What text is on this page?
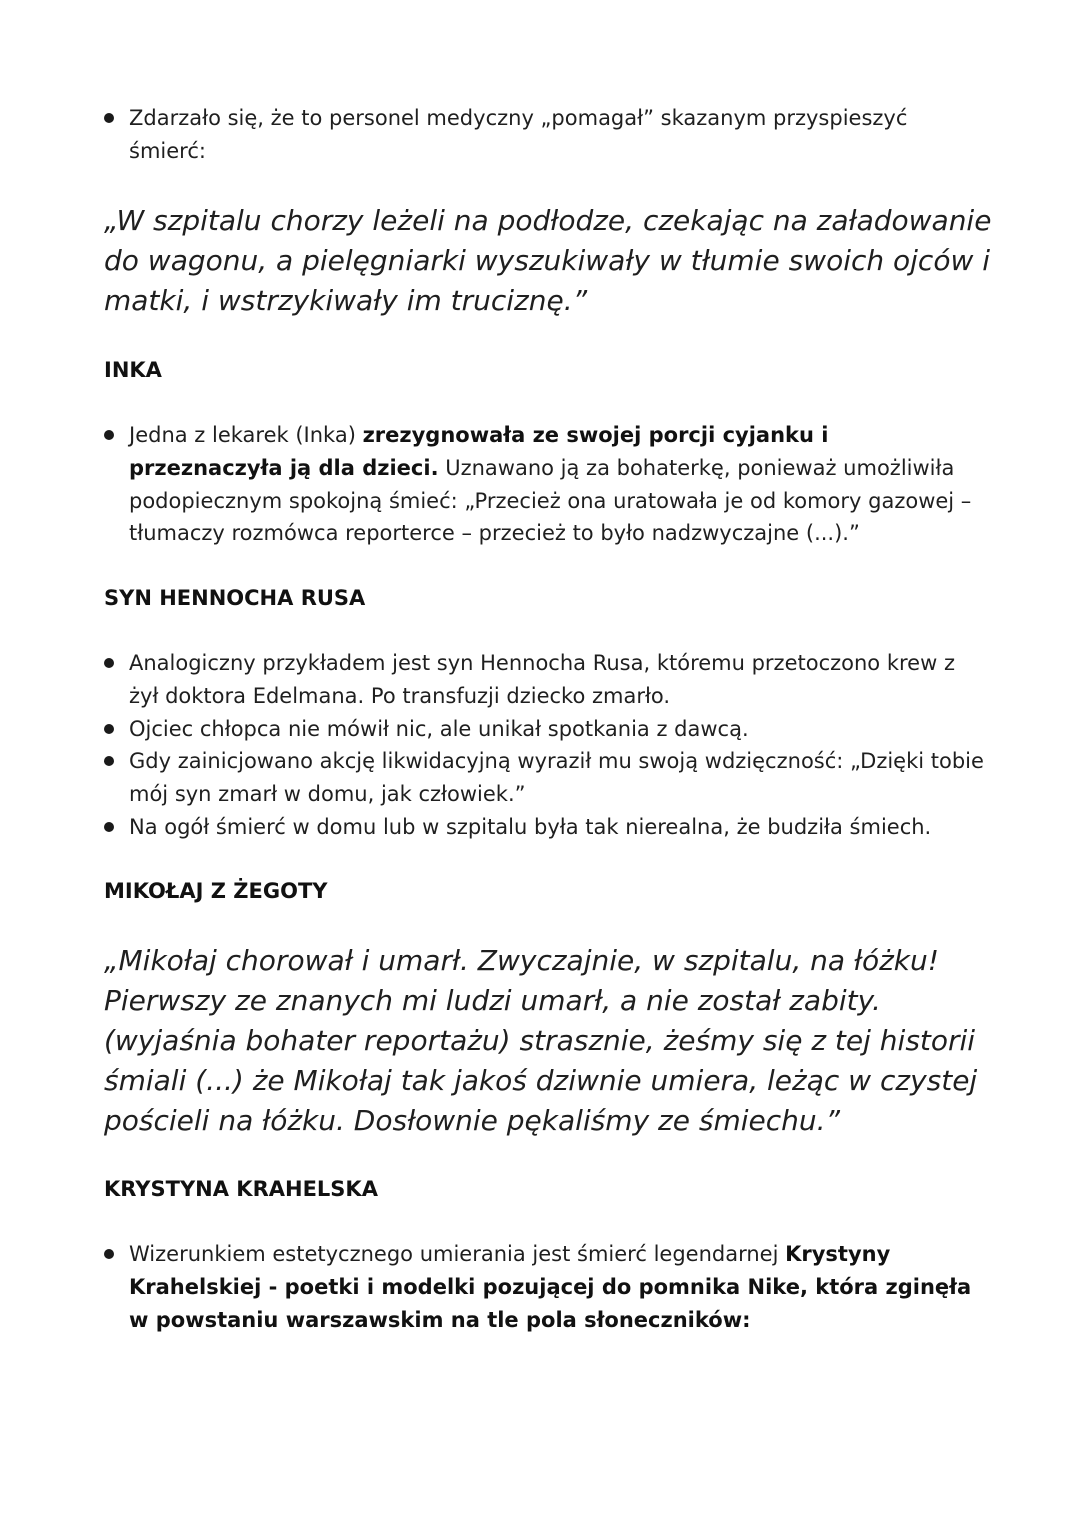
Zdarzało się, że to personel medyczny „pomagał” skazanym przyspieszyć śmierć:
„W szpitalu chorzy leżeli na podłodze, czekając na załadowanie do wagonu, a pielęgniarki wyszukiwały w tłumie swoich ojców i matki, i wstrzykiwały im truciznę.”
INKA
Jedna z lekarek (Inka) zrezygnowała ze swojej porcji cyjanku i przeznaczyła ją dla dzieci. Uznawano ją za bohaterkę, ponieważ umożliwiła podopiecznym spokojną śmieć: „Przecież ona uratowała je od komory gazowej – tłumaczy rozmówca reporterce – przecież to było nadzwyczajne (...).”
SYN HENNOCHA RUSA
Analogiczny przykładem jest syn Hennocha Rusa, któremu przetoczono krew z żył doktora Edelmana. Po transfuzji dziecko zmarło.
Ojciec chłopca nie mówił nic, ale unikał spotkania z dawcą.
Gdy zainicjowano akcję likwidacyjną wyraził mu swoją wdzięczność: „Dzięki tobie mój syn zmarł w domu, jak człowiek.”
Na ogół śmierć w domu lub w szpitalu była tak nierealna, że budziła śmiech.
MIKOŁAJ Z ŻEGOTY
„Mikołaj chorował i umarł. Zwyczajnie, w szpitalu, na łóżku! Pierwszy ze znanych mi ludzi umarł, a nie został zabity. (wyjaśnia bohater reportażu) strasznie, żeśmy się z tej historii śmiali (...) że Mikołaj tak jakoś dziwnie umiera, leżąc w czystej pościeli na łóżku. Dosłownie pękaliśmy ze śmiechu.”
KRYSTYNA KRAHELSKA
Wizerunkiem estetycznego umierania jest śmierć legendarnej Krystyny Krahelskiej - poetki i modelki pozującej do pomnika Nike, która zginęła w powstaniu warszawskim na tle pola słoneczników:
